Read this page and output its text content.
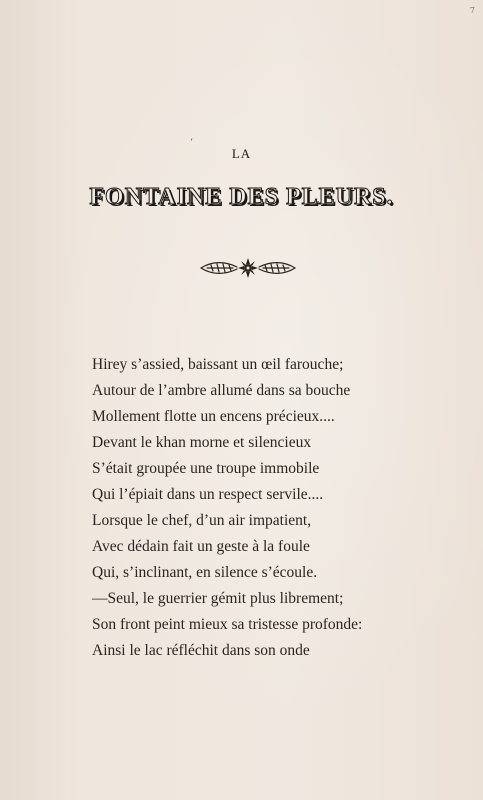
7
‘
LA
FONTAINE DES PLEURS.
Hirey s’assied, baissant un œil farouche;
Autour de l’ambre allumé dans sa bouche
Mollement flotte un encens précieux....
Devant le khan morne et silencieux
S’était groupée une troupe immobile
Qui l’épiait dans un respect servile....
Lorsque le chef, d’un air impatient,
Avec dédain fait un geste à la foule
Qui, s’inclinant, en silence s’écoule.
—Seul, le guerrier gémit plus librement;
Son front peint mieux sa tristesse profonde:
Ainsi le lac réfléchit dans son onde
